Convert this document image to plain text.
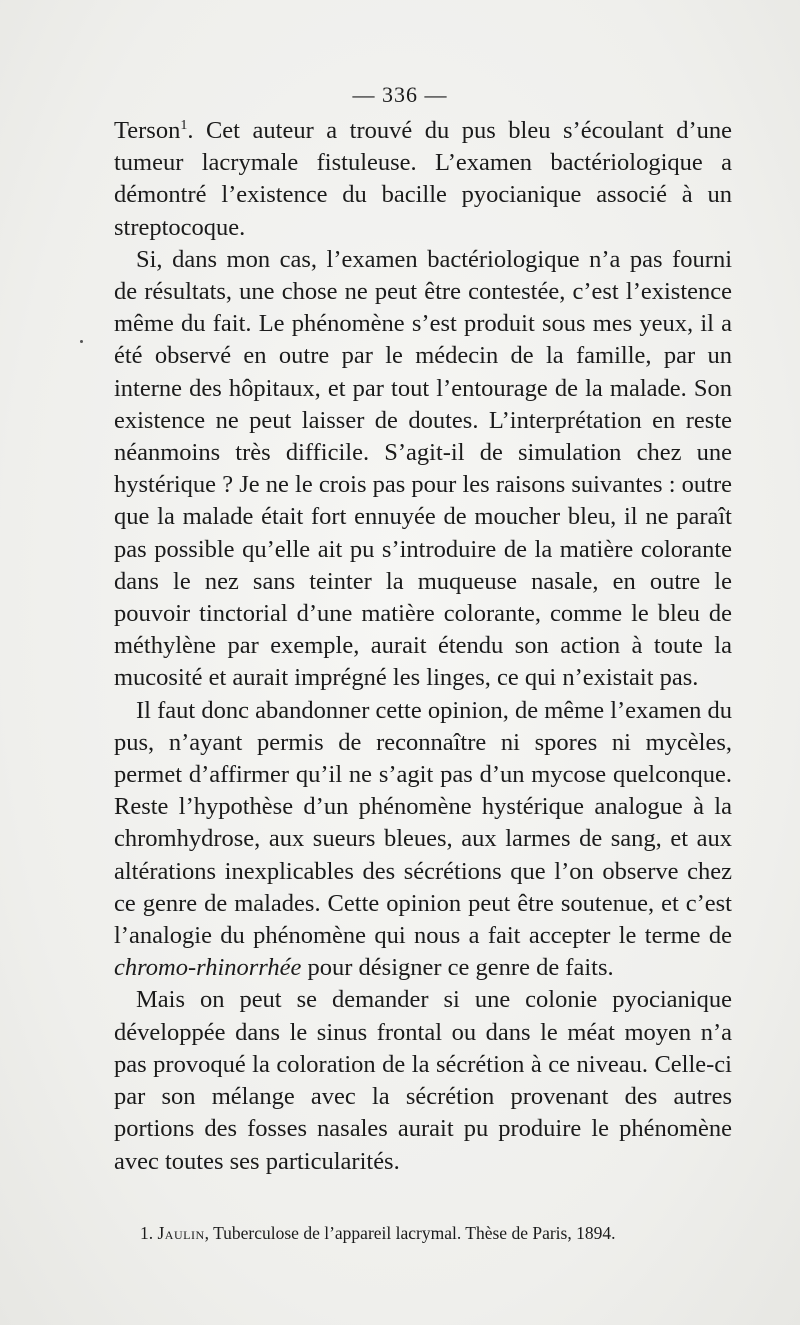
— 336 —

Terson$^1$. Cet auteur a trouvé du pus bleu s’écoulant d’une tumeur lacrymale fistuleuse. L’examen bactériologique a démontré l’existence du bacille pyocianique associé à un streptocoque.

Si, dans mon cas, l’examen bactériologique n’a pas fourni de résultats, une chose ne peut être contestée, c’est l’existence même du fait. Le phénomène s’est produit sous mes yeux, il a été observé en outre par le médecin de la famille, par un interne des hôpitaux, et par tout l’entourage de la malade. Son existence ne peut laisser de doutes. L’interprétation en reste néanmoins très difficile. S’agit-il de simulation chez une hystérique ? Je ne le crois pas pour les raisons suivantes : outre que la malade était fort ennuyée de moucher bleu, il ne paraît pas possible qu’elle ait pu s’introduire de la matière colorante dans le nez sans teinter la muqueuse nasale, en outre le pouvoir tinctorial d’une matière colorante, comme le bleu de méthylène par exemple, aurait étendu son action à toute la mucosité et aurait imprégné les linges, ce qui n’existait pas.

Il faut donc abandonner cette opinion, de même l’examen du pus, n’ayant permis de reconnaître ni spores ni mycèles, permet d’affirmer qu’il ne s’agit pas d’un mycose quelconque. Reste l’hypothèse d’un phénomène hystérique analogue à la chromhydrose, aux sueurs bleues, aux larmes de sang, et aux altérations inexplicables des sécrétions que l’on observe chez ce genre de malades. Cette opinion peut être soutenue, et c’est l’analogie du phénomène qui nous a fait accepter le terme de chromo-rhinorrhée pour désigner ce genre de faits.

Mais on peut se demander si une colonie pyocianique développée dans le sinus frontal ou dans le méat moyen n’a pas provoqué la coloration de la sécrétion à ce niveau. Celle-ci par son mélange avec la sécrétion provenant des autres portions des fosses nasales aurait pu produire le phénomène avec toutes ses particularités.

1. Jaulin, Tuberculose de l’appareil lacrymal. Thèse de Paris, 1894.
